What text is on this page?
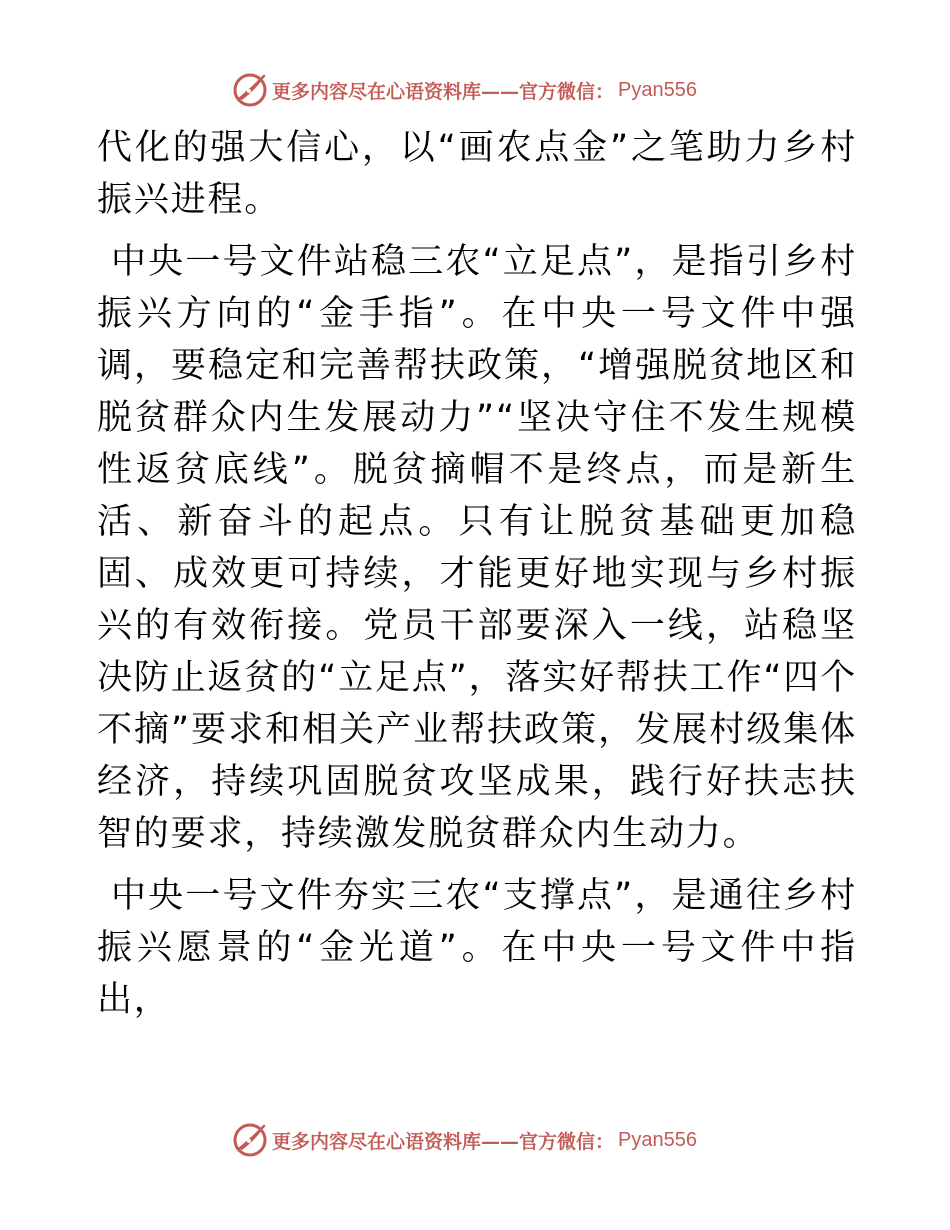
更多内容尽在心语资料库——官方微信： Pyan556

代化的强大信心，以“画农点金”之笔助力乡村振兴进程。

中央一号文件站稳三农“立足点”，是指引乡村振兴方向的“金手指”。在中央一号文件中强调，要稳定和完善帮扶政策，“增强脱贫地区和脱贫群众内生发展动力”“坚决守住不发生规模性返贫底线”。脱贫摘帽不是终点，而是新生活、新奋斗的起点。只有让脱贫基础更加稳固、成效更可持续，才能更好地实现与乡村振兴的有效衔接。党员干部要深入一线，站稳坚决防止返贫的“立足点”，落实好帮扶工作“四个不摘”要求和相关产业帮扶政策，发展村级集体经济，持续巩固脱贫攻坚成果，践行好扶志扶智的要求，持续激发脱贫群众内生动力。

中央一号文件夯实三农“支撑点”，是通往乡村振兴愿景的“金光道”。在中央一号文件中指出，

更多内容尽在心语资料库——官方微信： Pyan556
